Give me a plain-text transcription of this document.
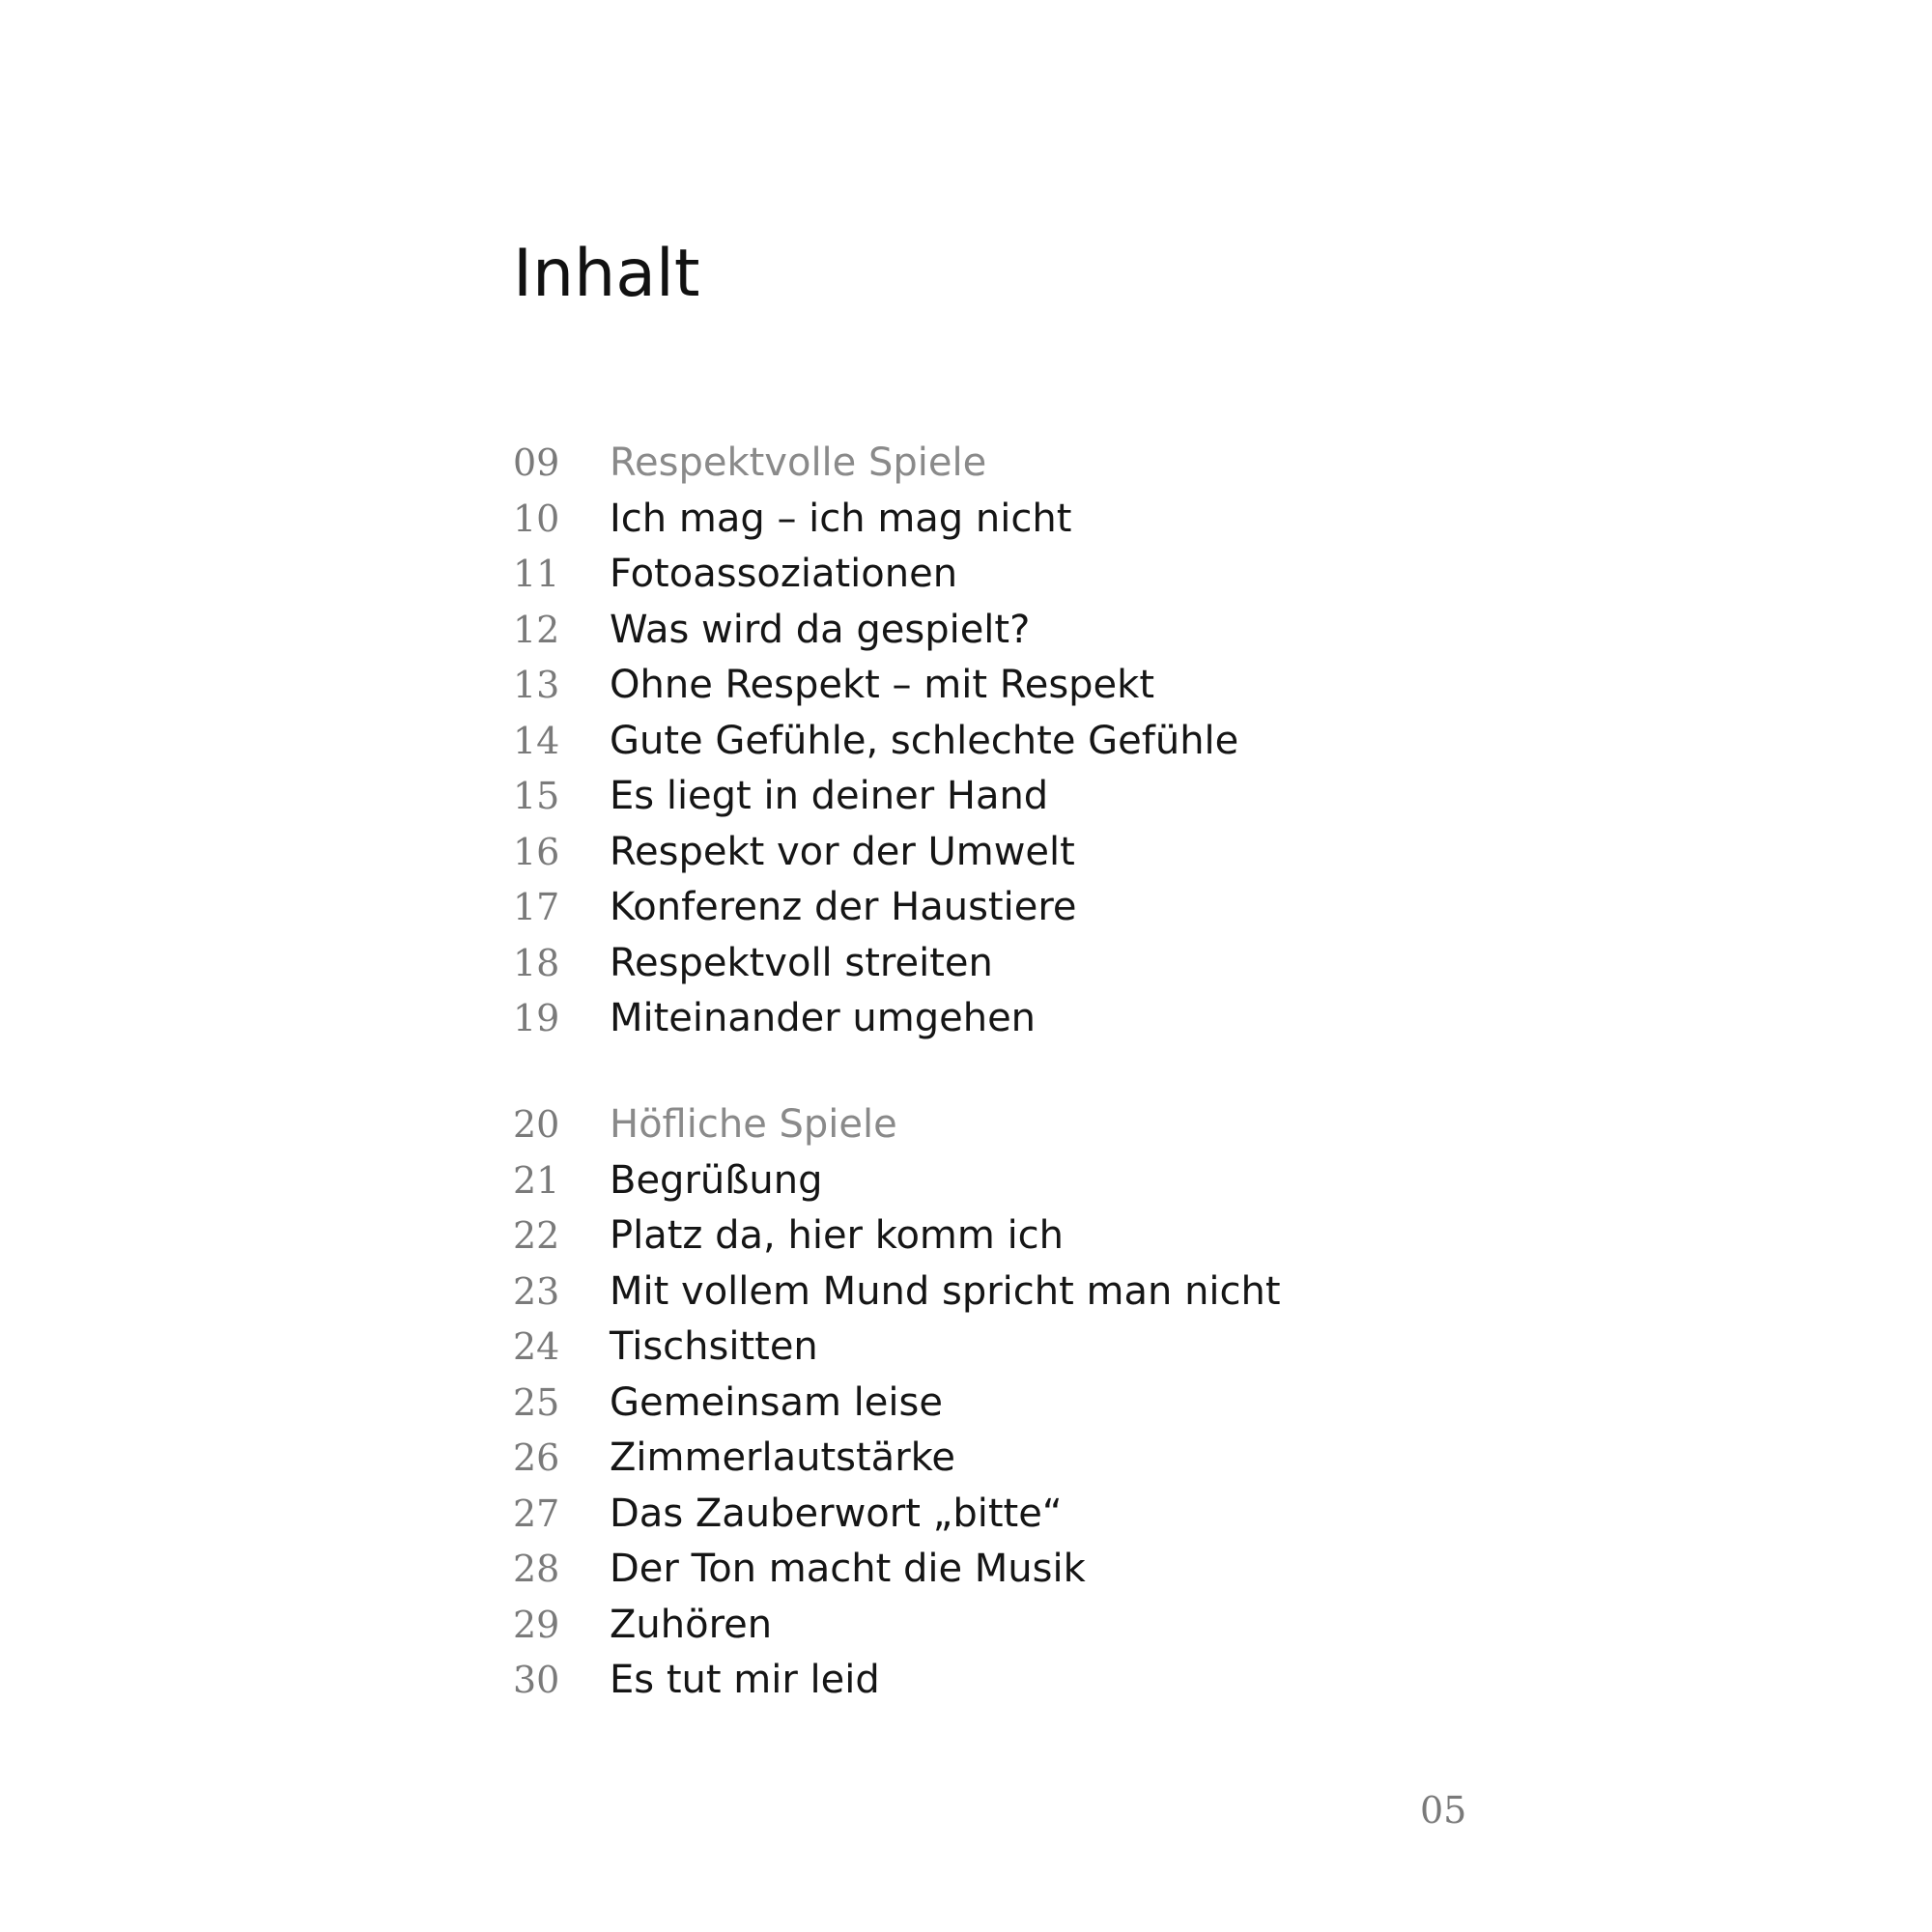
Inhalt
09	Respektvolle Spiele
10	Ich mag – ich mag nicht
11	Fotoassoziationen
12	Was wird da gespielt?
13	Ohne Respekt – mit Respekt
14	Gute Gefühle, schlechte Gefühle
15	Es liegt in deiner Hand
16	Respekt vor der Umwelt
17	Konferenz der Haustiere
18	Respektvoll streiten
19	Miteinander umgehen
20	Höfliche Spiele
21	Begrüßung
22	Platz da, hier komm ich
23	Mit vollem Mund spricht man nicht
24	Tischsitten
25	Gemeinsam leise
26	Zimmerlautstärke
27	Das Zauberwort „bitte“
28	Der Ton macht die Musik
29	Zuhören
30	Es tut mir leid
05
